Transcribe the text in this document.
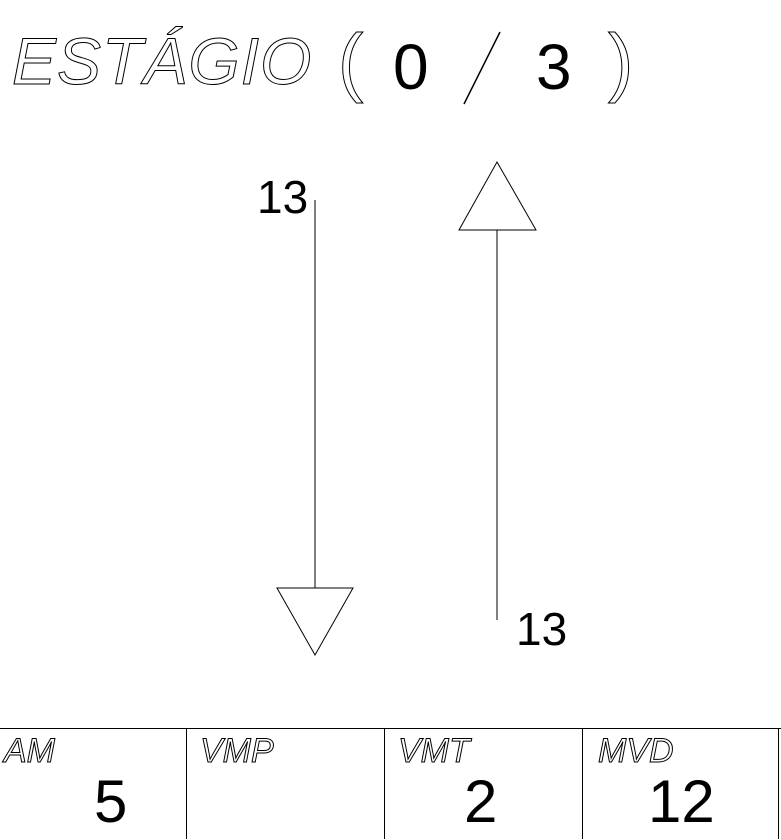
ESTÁGIO ( 0 3 )
13
13
AM
5
VMP	VMT
2
MVD
12
